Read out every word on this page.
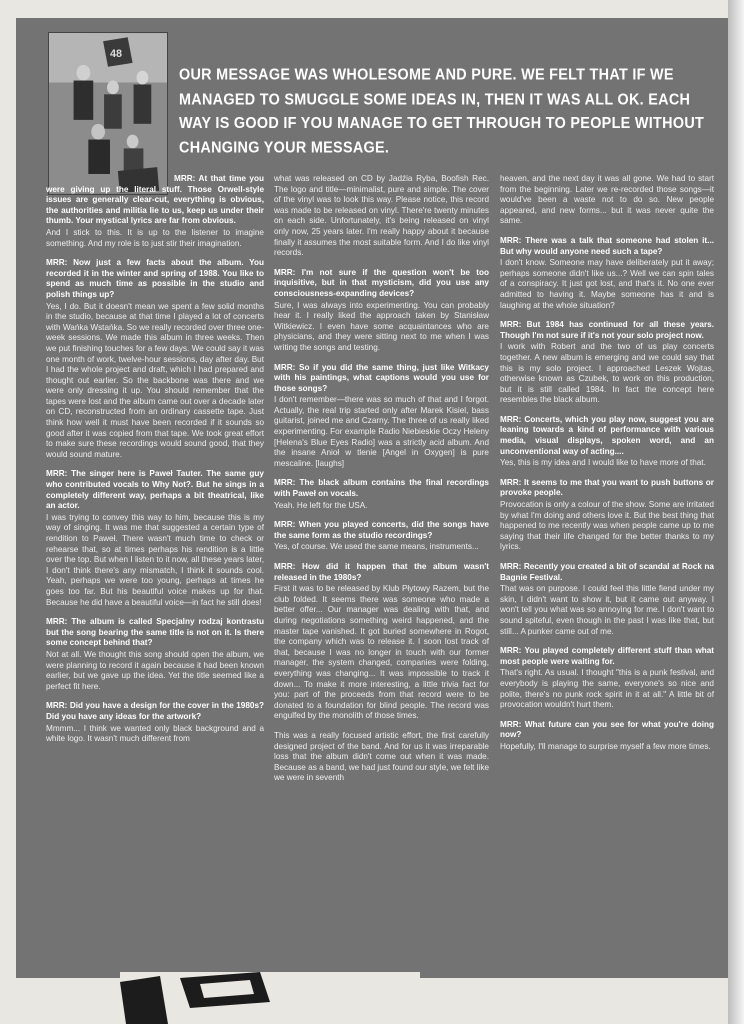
48
OUR MESSAGE WAS WHOLESOME AND PURE. WE FELT THAT IF WE MANAGED TO SMUGGLE SOME IDEAS IN, THEN IT WAS ALL OK. EACH WAY IS GOOD IF YOU MANAGE TO GET THROUGH TO PEOPLE WITHOUT CHANGING YOUR MESSAGE.
MRR: At that time you were giving up the literal stuff. Those Orwell-style issues are generally clear-cut, everything is obvious, the authorities and militia lie to us, keep us under their thumb. Your mystical lyrics are far from obvious.
And I stick to this. It is up to the listener to imagine something. And my role is to just stir their imagination.
MRR: Now just a few facts about the album. You recorded it in the winter and spring of 1988. You like to spend as much time as possible in the studio and polish things up?
Yes, I do. But it doesn't mean we spent a few solid months in the studio, because at that time I played a lot of concerts with Wańka Wstańka. So we really recorded over three one-week sessions. We made this album in three weeks. Then we put finishing touches for a few days. We could say it was one month of work, twelve-hour sessions, day after day. But I had the whole project and draft, which I had prepared and thought out earlier. So the backbone was there and we were only dressing it up. You should remember that the tapes were lost and the album came out over a decade later on CD, reconstructed from an ordinary cassette tape. Just think how well it must have been recorded if it sounds so good after it was copied from that tape. We took great effort to make sure these recordings would sound good, that they would sound mature.
MRR: The singer here is Paweł Tauter. The same guy who contributed vocals to Why Not?. But he sings in a completely different way, perhaps a bit theatrical, like an actor.
I was trying to convey this way to him, because this is my way of singing. It was me that suggested a certain type of rendition to Paweł. There wasn't much time to check or rehearse that, so at times perhaps his rendition is a little over the top. But when I listen to it now, all these years later, I don't think there's any mismatch, I think it sounds cool. Yeah, perhaps we were too young, perhaps at times he goes too far. But his beautiful voice makes up for that. Because he did have a beautiful voice—in fact he still does!
MRR: The album is called Specjalny rodzaj kontrastu but the song bearing the same title is not on it. Is there some concept behind that?
Not at all. We thought this song should open the album, we were planning to record it again because it had been known earlier, but we gave up the idea. Yet the title seemed like a perfect fit here.
MRR: Did you have a design for the cover in the 1980s? Did you have any ideas for the artwork?
Mmmm... I think we wanted only black background and a white logo. It wasn't much different from
what was released on CD by Jadźia Ryba, Boofish Rec. The logo and title—minimalist, pure and simple. The cover of the vinyl was to look this way. Please notice, this record was made to be released on vinyl. There're twenty minutes on each side. Unfortunately, it's being released on vinyl only now, 25 years later. I'm really happy about it because finally it assumes the most suitable form. And I do like vinyl records.
MRR: I'm not sure if the question won't be too inquisitive, but in that mysticism, did you use any consciousness-expanding devices?
Sure, I was always into experimenting. You can probably hear it. I really liked the approach taken by Stanisław Witkiewicz. I even have some acquaintances who are physicians, and they were sitting next to me when I was writing the songs and testing.
MRR: So if you did the same thing, just like Witkacy with his paintings, what captions would you use for those songs?
I don't remember—there was so much of that and I forgot. Actually, the real trip started only after Marek Kisiel, bass guitarist, joined me and Czarny. The three of us really liked experimenting. For example Radio Niebieskie Oczy Heleny [Helena's Blue Eyes Radio] was a strictly acid album. And the insane Anioł w tlenie [Angel in Oxygen] is pure mescaline. [laughs]
MRR: The black album contains the final recordings with Paweł on vocals.
Yeah. He left for the USA.
MRR: When you played concerts, did the songs have the same form as the studio recordings?
Yes, of course. We used the same means, instruments...
MRR: How did it happen that the album wasn't released in the 1980s?
First it was to be released by Klub Płytowy Razem, but the club folded. It seems there was someone who made a better offer... Our manager was dealing with that, and during negotiations something weird happened, and the master tape vanished. It got buried somewhere in Rogot, the company which was to release it. I soon lost track of that, because I was no longer in touch with our former manager, the system changed, companies were folding, everything was changing... It was impossible to track it down... To make it more interesting, a little trivia fact for you: part of the proceeds from that record were to be donated to a foundation for blind people. The record was engulfed by the monolith of those times.
This was a really focused artistic effort, the first carefully designed project of the band. And for us it was irreparable loss that the album didn't come out when it was made. Because as a band, we had just found our style, we felt like we were in seventh
heaven, and the next day it was all gone. We had to start from the beginning. Later we re-recorded those songs—it would've been a waste not to do so. New people appeared, and new forms... but it was never quite the same.
MRR: There was a talk that someone had stolen it... But why would anyone need such a tape?
I don't know. Someone may have deliberately put it away; perhaps someone didn't like us...? Well we can spin tales of a conspiracy. It just got lost, and that's it. No one ever admitted to having it. Maybe someone has it and is laughing at the whole situation?
MRR: But 1984 has continued for all these years. Though I'm not sure if it's not your solo project now.
I work with Robert and the two of us play concerts together. A new album is emerging and we could say that this is my solo project. I approached Leszek Wojtas, otherwise known as Czubek, to work on this production, but it is still called 1984. In fact the concept here resembles the black album.
MRR: Concerts, which you play now, suggest you are leaning towards a kind of performance with various media, visual displays, spoken word, and an unconventional way of acting....
Yes, this is my idea and I would like to have more of that.
MRR: It seems to me that you want to push buttons or provoke people.
Provocation is only a colour of the show. Some are irritated by what I'm doing and others love it. But the best thing that happened to me recently was when people came up to me saying that their life changed for the better thanks to my lyrics.
MRR: Recently you created a bit of scandal at Rock na Bagnie Festival.
That was on purpose. I could feel this little fiend under my skin, I didn't want to show it, but it came out anyway. I won't tell you what was so annoying for me. I don't want to sound spiteful, even though in the past I was like that, but still... A punker came out of me.
MRR: You played completely different stuff than what most people were waiting for.
That's right. As usual. I thought "this is a punk festival, and everybody is playing the same, everyone's so nice and polite, there's no punk rock spirit in it at all." A little bit of provocation wouldn't hurt them.
MRR: What future can you see for what you're doing now?
Hopefully, I'll manage to surprise myself a few more times.
